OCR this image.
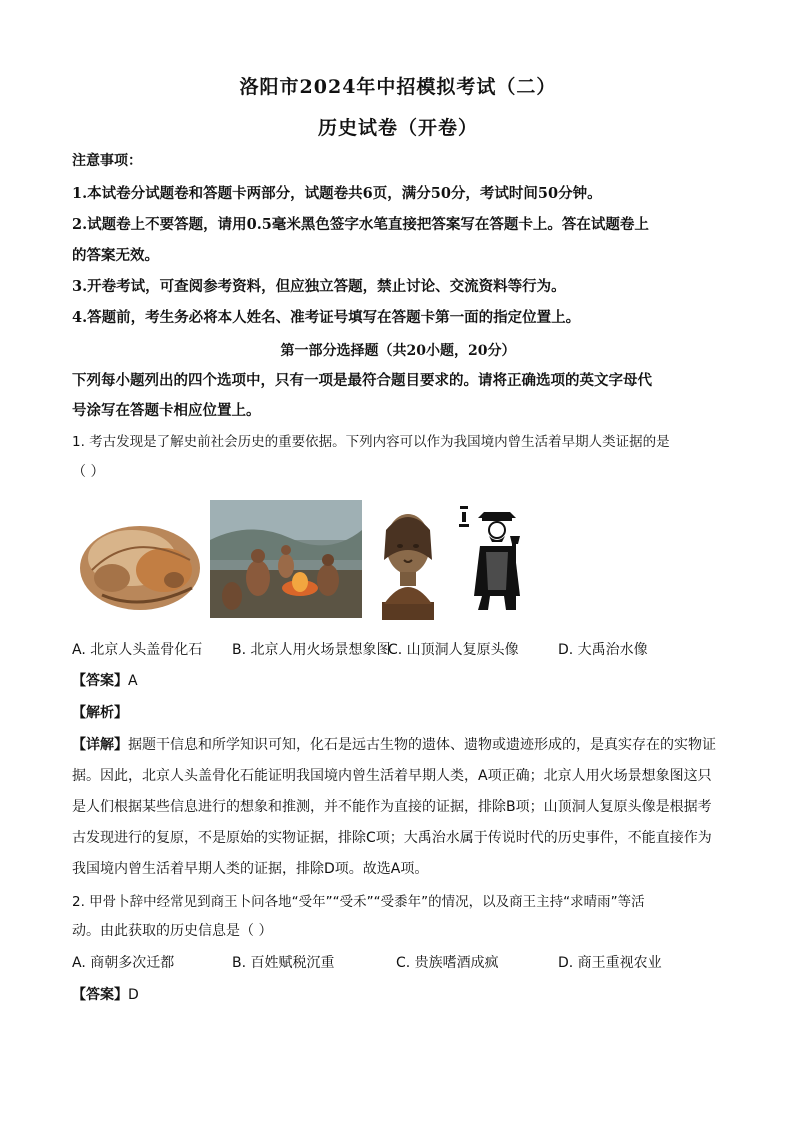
洛阳市2024年中招模拟考试（二）
历史试卷（开卷）
注意事项：
1.本试卷分试题卷和答题卡两部分，试题卷共6页，满分50分，考试时间50分钟。
2.试题卷上不要答题，请用0.5毫米黑色签字水笔直接把答案写在答题卡上。答在试题卷上
的答案无效。
3.开卷考试，可查阅参考资料，但应独立答题，禁止讨论、交流资料等行为。
4.答题前，考生务必将本人姓名、准考证号填写在答题卡第一面的指定位置上。
第一部分选择题（共20小题，20分）
下列每小题列出的四个选项中，只有一项是最符合题目要求的。请将正确选项的英文字母代
号涂写在答题卡相应位置上。
1. 考古发现是了解史前社会历史的重要依据。下列内容可以作为我国境内曾生活着早期人类证据的是
（ ）
A. 北京人头盖骨化石 B. 北京人用火场景想象图
C. 山顶洞人复原头像	D. 大禹治水像
【答案】A
【解析】
【详解】据题干信息和所学知识可知，化石是远古生物的遗体、遗物或遗迹形成的，是真实存在的实物证
据。因此，北京人头盖骨化石能证明我国境内曾生活着早期人类，A项正确；北京人用火场景想象图这只
是人们根据某些信息进行的想象和推测，并不能作为直接的证据，排除B项；山顶洞人复原头像是根据考
古发现进行的复原，不是原始的实物证据，排除C项；大禹治水属于传说时代的历史事件，不能直接作为
我国境内曾生活着早期人类的证据，排除D项。故选A项。
2. 甲骨卜辞中经常见到商王卜问各地“受年”“受禾”“受黍年”的情况，以及商王主持“求晴雨”等活
动。由此获取的历史信息是（ ）
A. 商朝多次迁都	B. 百姓赋税沉重	C. 贵族嗜酒成疯	D. 商王重视农业
【答案】D
